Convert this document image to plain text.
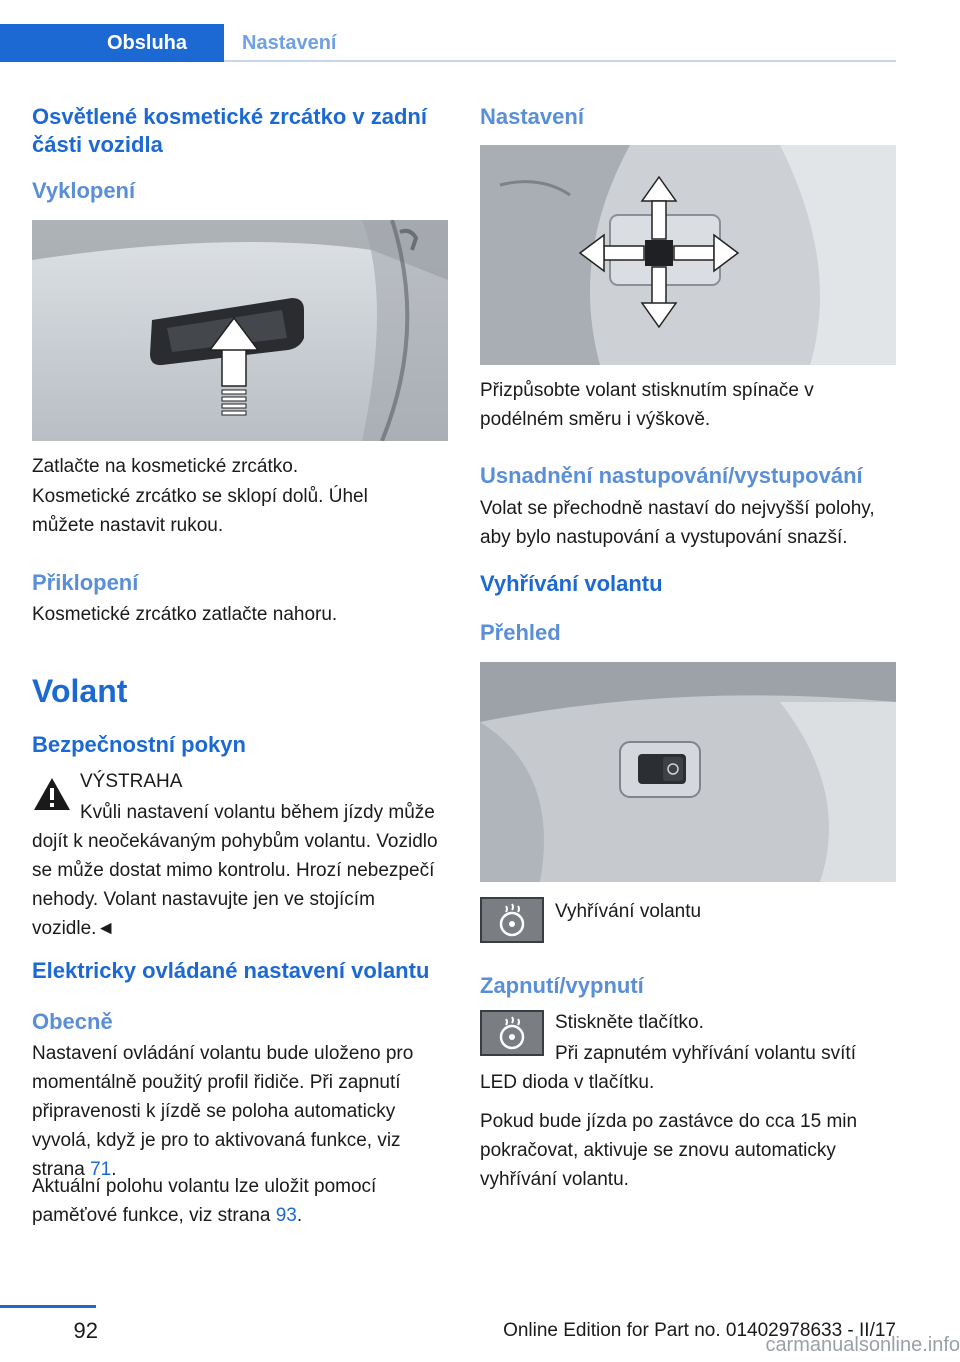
Obsluha	Nastavení
Osvětlené kosmetické zrcátko v zadní části vozidla
Vyklopení

Zatlačte na kosmetické zrcátko.

Kosmetické zrcátko se sklopí dolů. Úhel můžete nastavit rukou.

Přiklopení

Kosmetické zrcátko zatlačte nahoru.

Volant
Bezpečnostní pokyn

VÝSTRAHA

Kvůli nastavení volantu během jízdy může dojít k neočekávaným pohybům volantu. Vozidlo se může dostat mimo kontrolu. Hrozí nebezpečí nehody. Volant nastavujte jen ve stojícím vozidle.◄

Elektricky ovládané nastavení volantu
Obecně

Nastavení ovládání volantu bude uloženo pro momentálně použitý profil řidiče. Při zapnutí připravenosti k jízdě se poloha automaticky vyvolá, když je pro to aktivovaná funkce, viz strana 71.

Aktuální polohu volantu lze uložit pomocí paměťové funkce, viz strana 93.

Nastavení

Přizpůsobte volant stisknutím spínače v podélném směru i výškově.

Usnadnění nastupování/vystupování

Volat se přechodně nastaví do nejvyšší polohy, aby bylo nastupování a vystupování snazší.

Vyhřívání volantu
Přehled

Vyhřívání volantu

Zapnutí/vypnutí

Stiskněte tlačítko.

Při zapnutém vyhřívání volantu svítí LED dioda v tlačítku.

Pokud bude jízda po zastávce do cca 15 min pokračovat, aktivuje se znovu automaticky vyhřívání volantu.

92	Online Edition for Part no. 01402978633 - II/17
carmanualsonline.info
